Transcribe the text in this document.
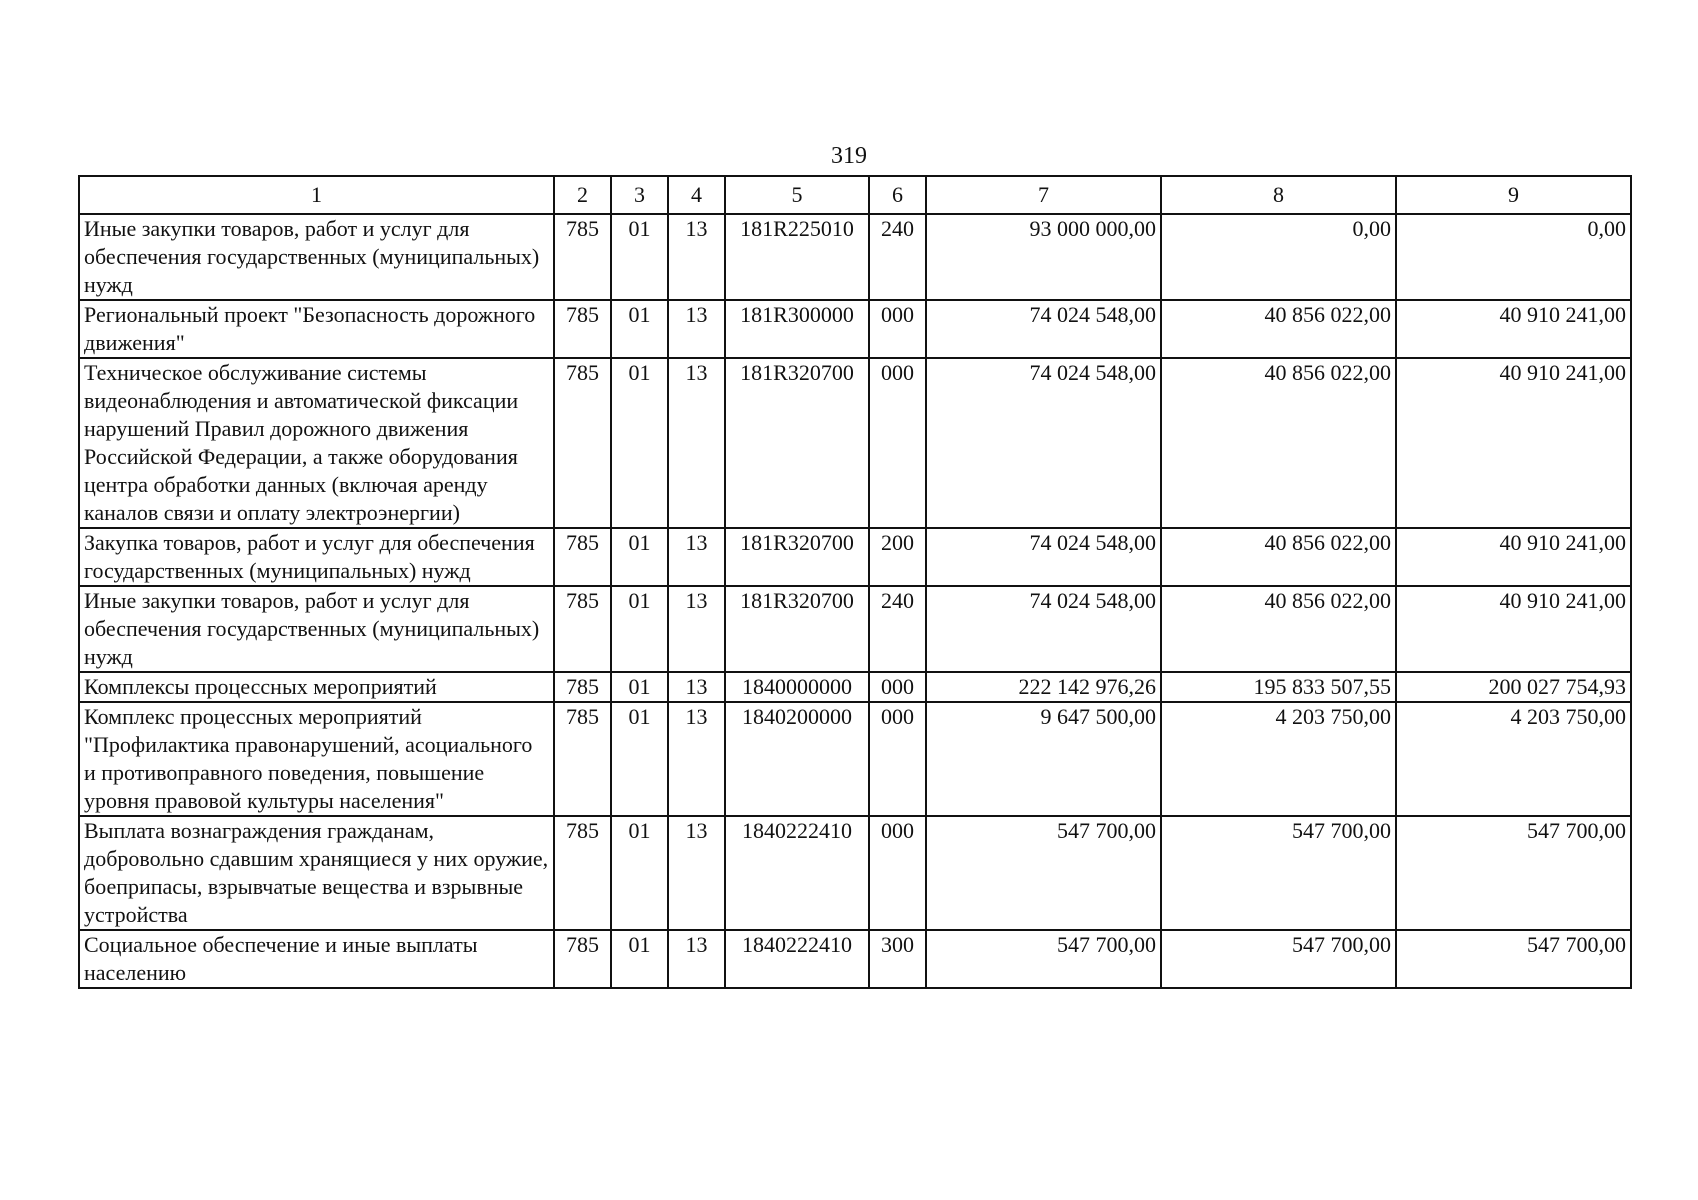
319
1	2	3	4	5	6	7	8	9
Иные закупки товаров, работ и услуг для обеспечения государственных (муниципальных) нужд	785	01	13	181R225010	240	93 000 000,00	0,00	0,00
Региональный проект "Безопасность дорожного движения"	785	01	13	181R300000	000	74 024 548,00	40 856 022,00	40 910 241,00
Техническое обслуживание системы видеонаблюдения и автоматической фиксации нарушений Правил дорожного движения Российской Федерации, а также оборудования центра обработки данных (включая аренду каналов связи и оплату электроэнергии)	785	01	13	181R320700	000	74 024 548,00	40 856 022,00	40 910 241,00
Закупка товаров, работ и услуг для обеспечения государственных (муниципальных) нужд	785	01	13	181R320700	200	74 024 548,00	40 856 022,00	40 910 241,00
Иные закупки товаров, работ и услуг для обеспечения государственных (муниципальных) нужд	785	01	13	181R320700	240	74 024 548,00	40 856 022,00	40 910 241,00
Комплексы процессных мероприятий	785	01	13	1840000000	000	222 142 976,26	195 833 507,55	200 027 754,93
Комплекс процессных мероприятий "Профилактика правонарушений, асоциального и противоправного поведения, повышение уровня правовой культуры населения"	785	01	13	1840200000	000	9 647 500,00	4 203 750,00	4 203 750,00
Выплата вознаграждения гражданам, добровольно сдавшим хранящиеся у них оружие, боеприпасы, взрывчатые вещества и взрывные устройства	785	01	13	1840222410	000	547 700,00	547 700,00	547 700,00
Социальное обеспечение и иные выплаты населению	785	01	13	1840222410	300	547 700,00	547 700,00	547 700,00
